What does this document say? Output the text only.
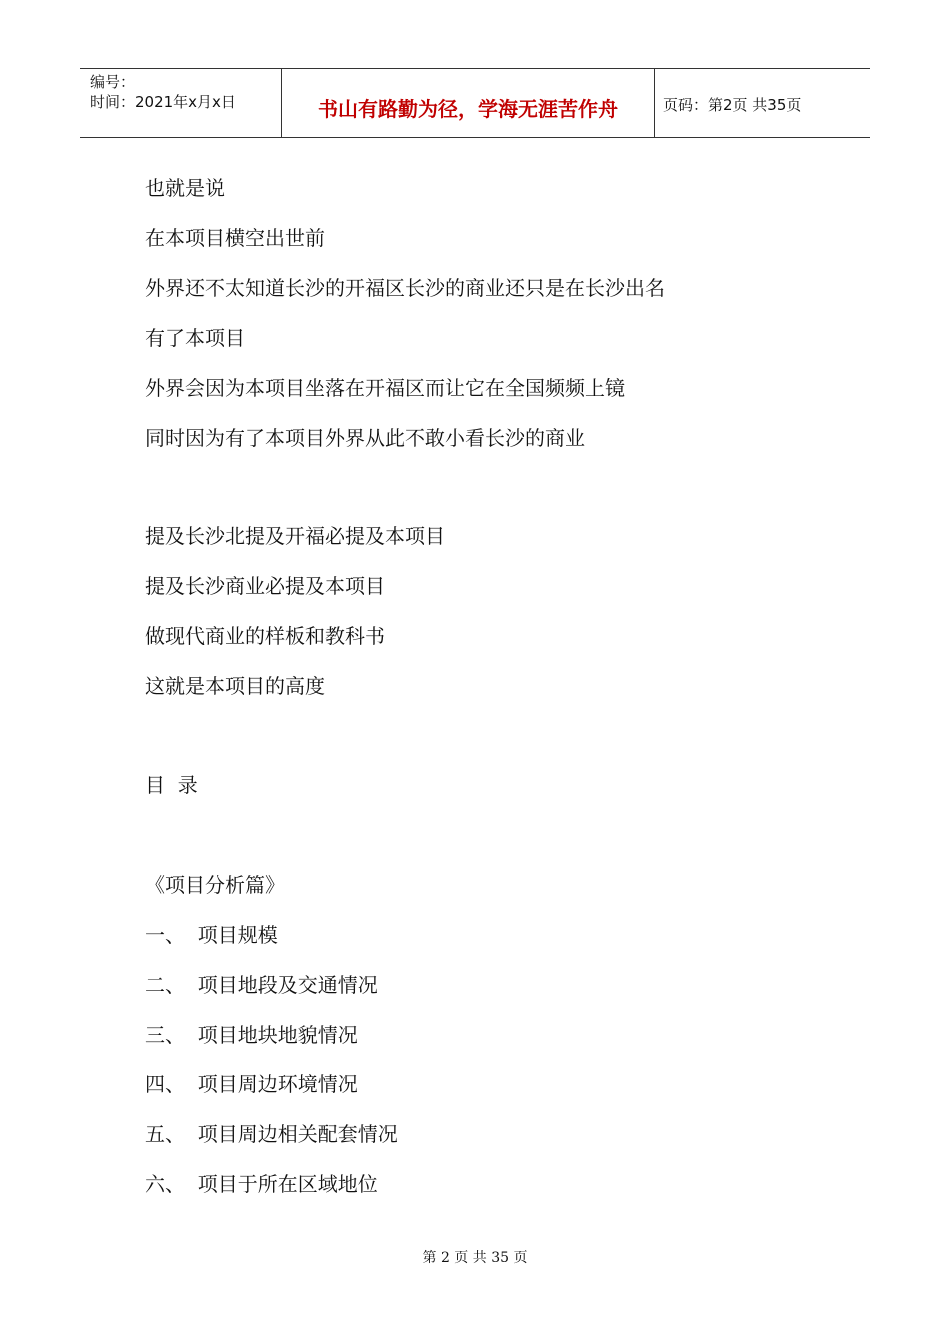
编号：
时间：2021年x月x日	书山有路勤为径，学海无涯苦作舟	页码：第2页 共35页
也就是说
在本项目横空出世前
外界还不太知道长沙的开福区长沙的商业还只是在长沙出名
有了本项目
外界会因为本项目坐落在开福区而让它在全国频频上镜
同时因为有了本项目外界从此不敢小看长沙的商业
提及长沙北提及开福必提及本项目
提及长沙商业必提及本项目
做现代商业的样板和教科书
这就是本项目的高度
目  录
《项目分析篇》
一、  项目规模
二、  项目地段及交通情况
三、  项目地块地貌情况
四、  项目周边环境情况
五、  项目周边相关配套情况
六、  项目于所在区域地位
第 2 页 共 35 页
